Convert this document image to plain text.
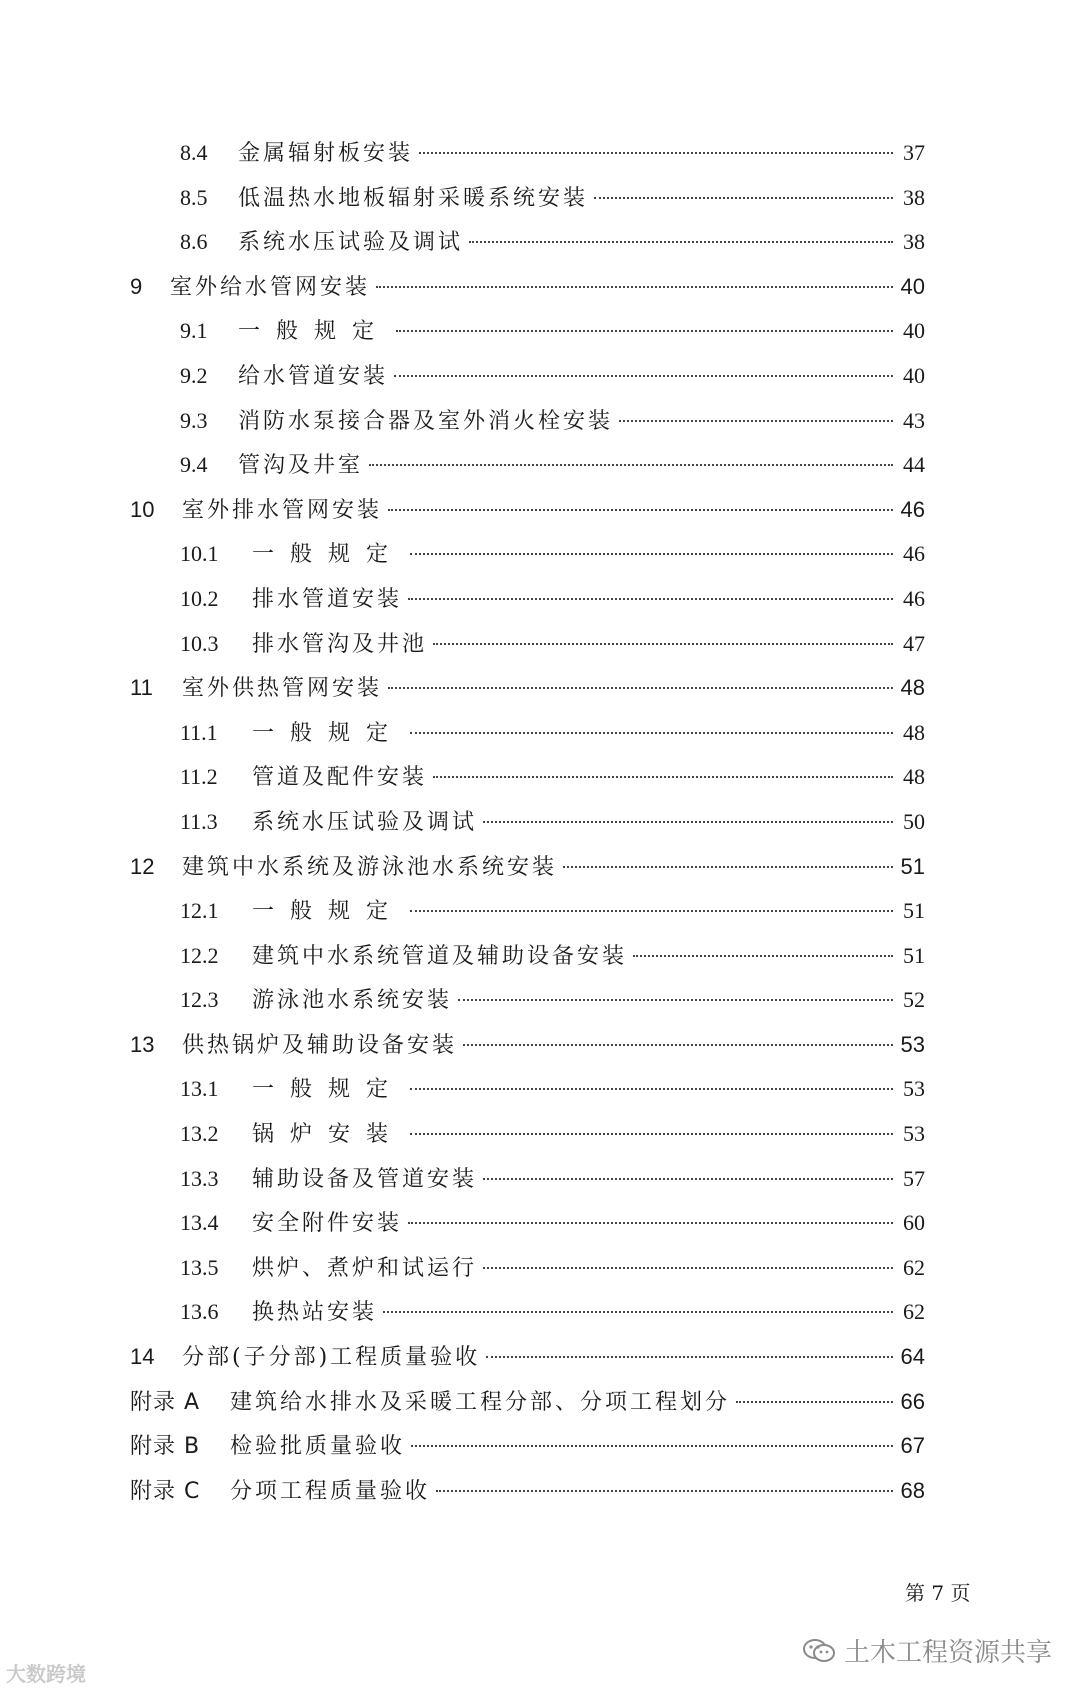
8.4	金属辐射板安装	37
8.5	低温热水地板辐射采暖系统安装	38
8.6	系统水压试验及调试	38
9	室外给水管网安装	40
9.1	一般规定	40
9.2	给水管道安装	40
9.3	消防水泵接合器及室外消火栓安装	43
9.4	管沟及井室	44
10	室外排水管网安装	46
10.1	一般规定	46
10.2	排水管道安装	46
10.3	排水管沟及井池	47
11	室外供热管网安装	48
11.1	一般规定	48
11.2	管道及配件安装	48
11.3	系统水压试验及调试	50
12	建筑中水系统及游泳池水系统安装	51
12.1	一般规定	51
12.2	建筑中水系统管道及辅助设备安装	51
12.3	游泳池水系统安装	52
13	供热锅炉及辅助设备安装	53
13.1	一般规定	53
13.2	锅炉安装	53
13.3	辅助设备及管道安装	57
13.4	安全附件安装	60
13.5	烘炉、煮炉和试运行	62
13.6	换热站安装	62
14	分部(子分部)工程质量验收	64
附录 A	建筑给水排水及采暖工程分部、分项工程划分	66
附录 B	检验批质量验收	67
附录 C	分项工程质量验收	68
第 7 页
大数跨境
土木工程资源共享
